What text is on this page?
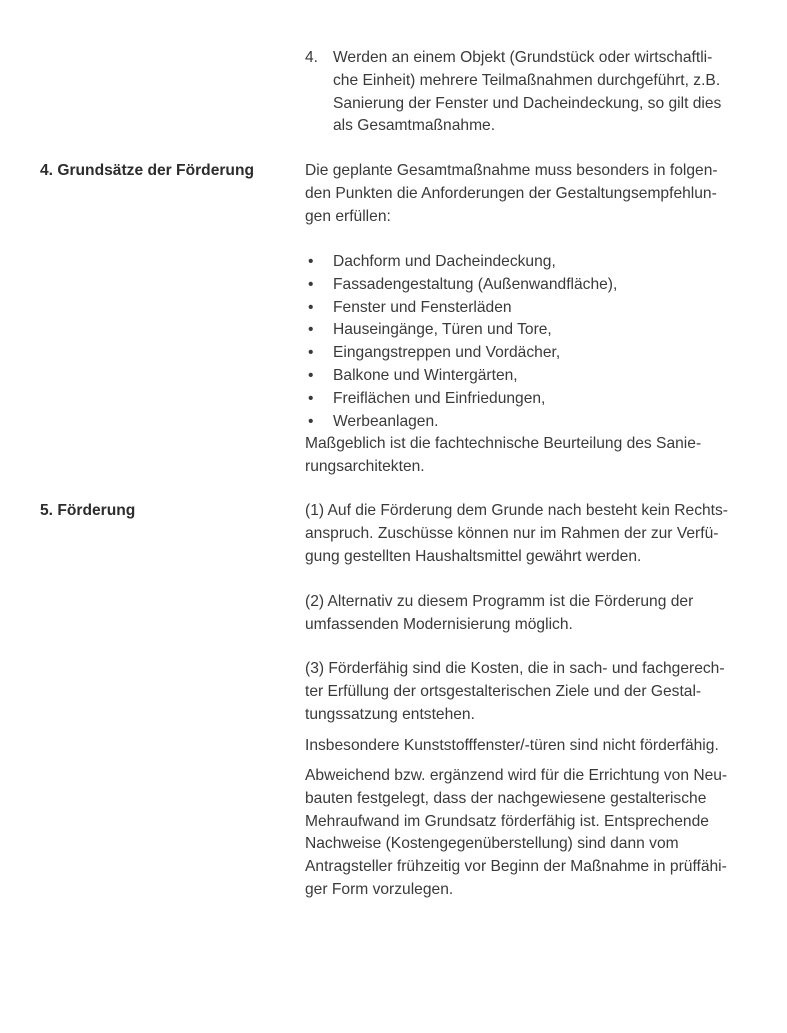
4. Werden an einem Objekt (Grundstück oder wirtschaftli-
che Einheit) mehrere Teilmaßnahmen durchgeführt, z.B.
Sanierung der Fenster und Dacheindeckung, so gilt dies
als Gesamtmaßnahme.
4. Grundsätze der Förderung	Die geplante Gesamtmaßnahme muss besonders in folgen-
den Punkten die Anforderungen der Gestaltungsempfehlun-
gen erfüllen:
• Dachform und Dacheindeckung,
• Fassadengestaltung (Außenwandfläche),
• Fenster und Fensterläden
• Hauseingänge, Türen und Tore,
• Eingangstreppen und Vordächer,
• Balkone und Wintergärten,
• Freiflächen und Einfriedungen,
• Werbeanlagen.
Maßgeblich ist die fachtechnische Beurteilung des Sanie-
rungsarchitekten.
5. Förderung	(1) Auf die Förderung dem Grunde nach besteht kein Rechts-
anspruch. Zuschüsse können nur im Rahmen der zur Verfü-
gung gestellten Haushaltsmittel gewährt werden.
(2) Alternativ zu diesem Programm ist die Förderung der
umfassenden Modernisierung möglich.
(3) Förderfähig sind die Kosten, die in sach- und fachgerech-
ter Erfüllung der ortsgestalterischen Ziele und der Gestal-
tungssatzung entstehen.
Insbesondere Kunststofffenster/-türen sind nicht förderfähig.
Abweichend bzw. ergänzend wird für die Errichtung von Neu-
bauten festgelegt, dass der nachgewiesene gestalterische
Mehraufwand im Grundsatz förderfähig ist. Entsprechende
Nachweise (Kostengegenüberstellung) sind dann vom
Antragsteller frühzeitig vor Beginn der Maßnahme in prüffähi-
ger Form vorzulegen.
